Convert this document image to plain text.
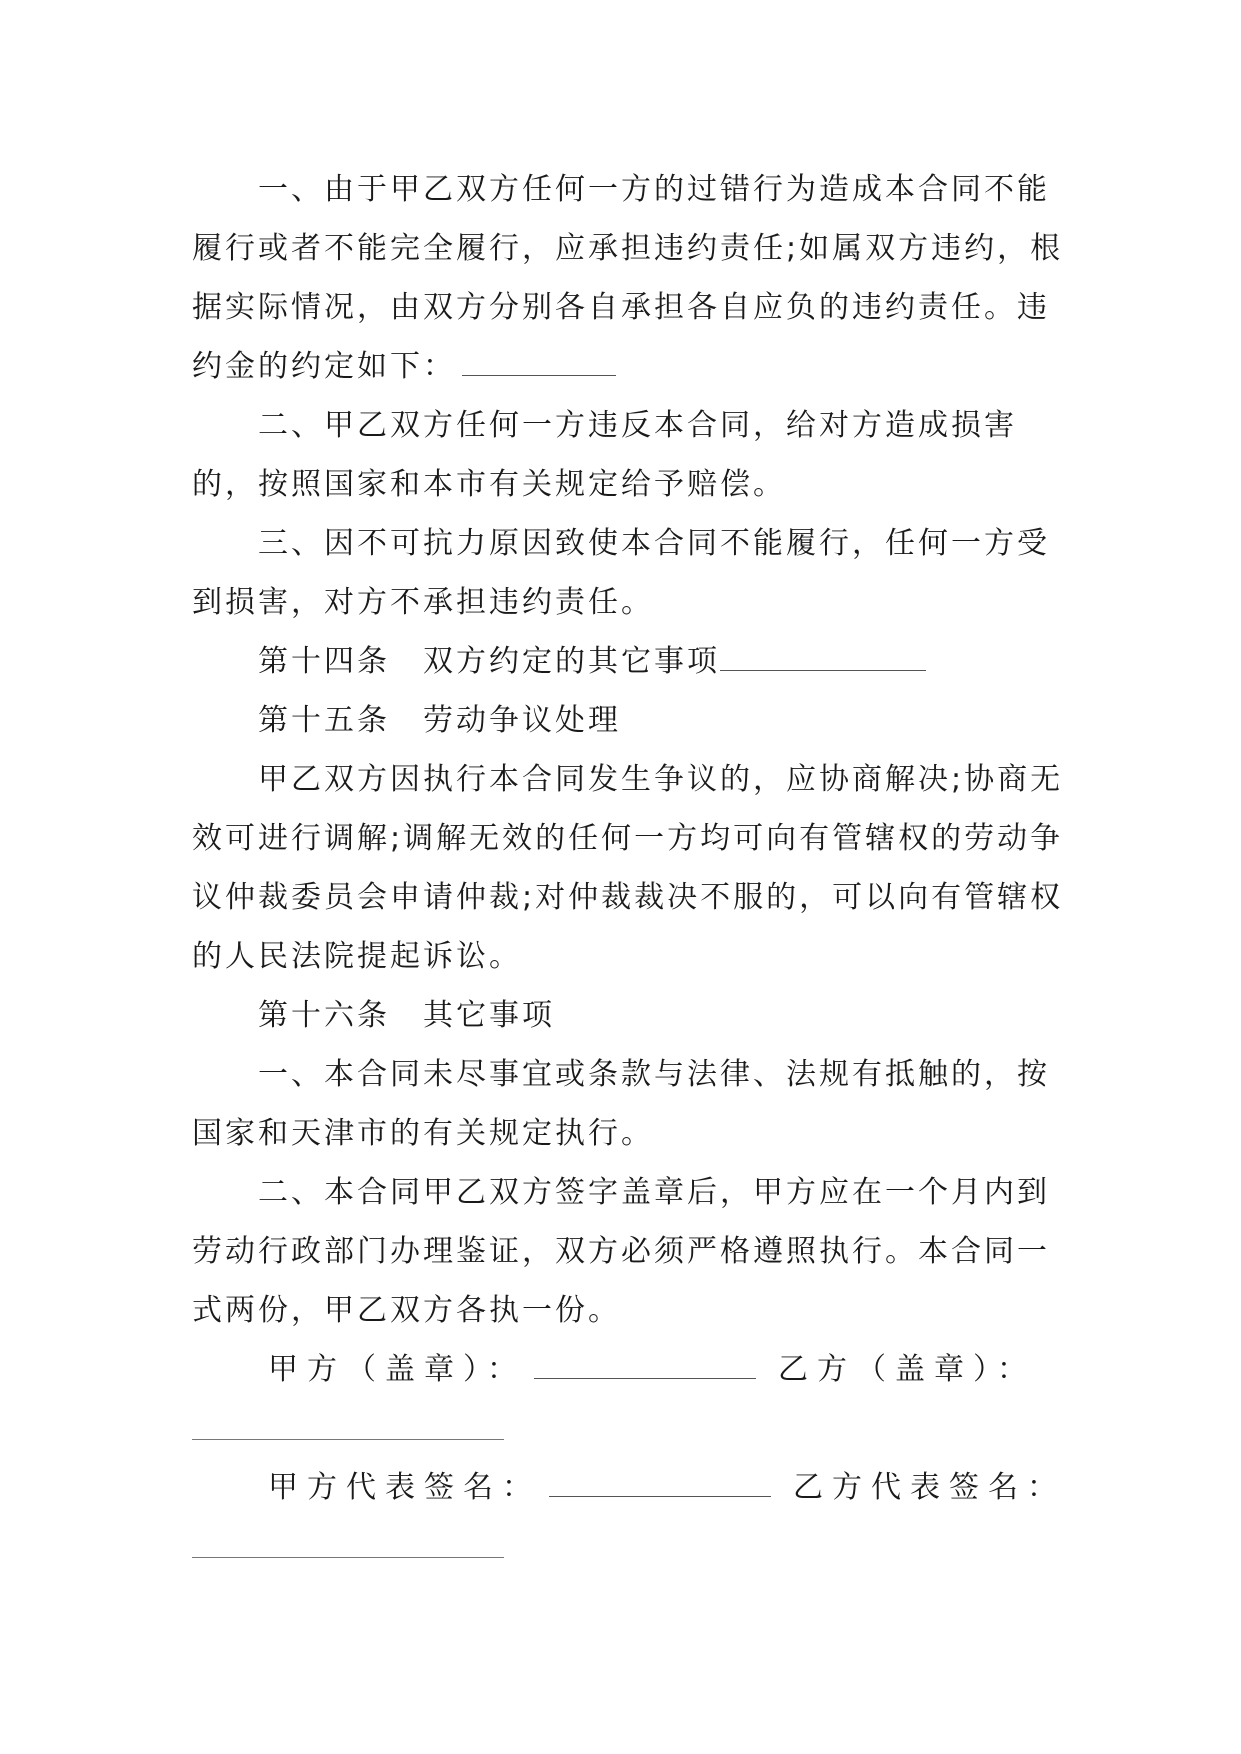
一、由于甲乙双方任何一方的过错行为造成本合同不能履行或者不能完全履行，应承担违约责任;如属双方违约，根据实际情况，由双方分别各自承担各自应负的违约责任。违约金的约定如下：

二、甲乙双方任何一方违反本合同，给对方造成损害的，按照国家和本市有关规定给予赔偿。

三、因不可抗力原因致使本合同不能履行，任何一方受到损害，对方不承担违约责任。

第十四条　双方约定的其它事项

第十五条　劳动争议处理

甲乙双方因执行本合同发生争议的，应协商解决;协商无效可进行调解;调解无效的任何一方均可向有管辖权的劳动争议仲裁委员会申请仲裁;对仲裁裁决不服的，可以向有管辖权的人民法院提起诉讼。

第十六条　其它事项

一、本合同未尽事宜或条款与法律、法规有抵触的，按国家和天津市的有关规定执行。

二、本合同甲乙双方签字盖章后，甲方应在一个月内到劳动行政部门办理鉴证，双方必须严格遵照执行。本合同一式两份，甲乙双方各执一份。

甲方（盖章）：	乙方（盖章）：

甲方代表签名：	乙方代表签名：
